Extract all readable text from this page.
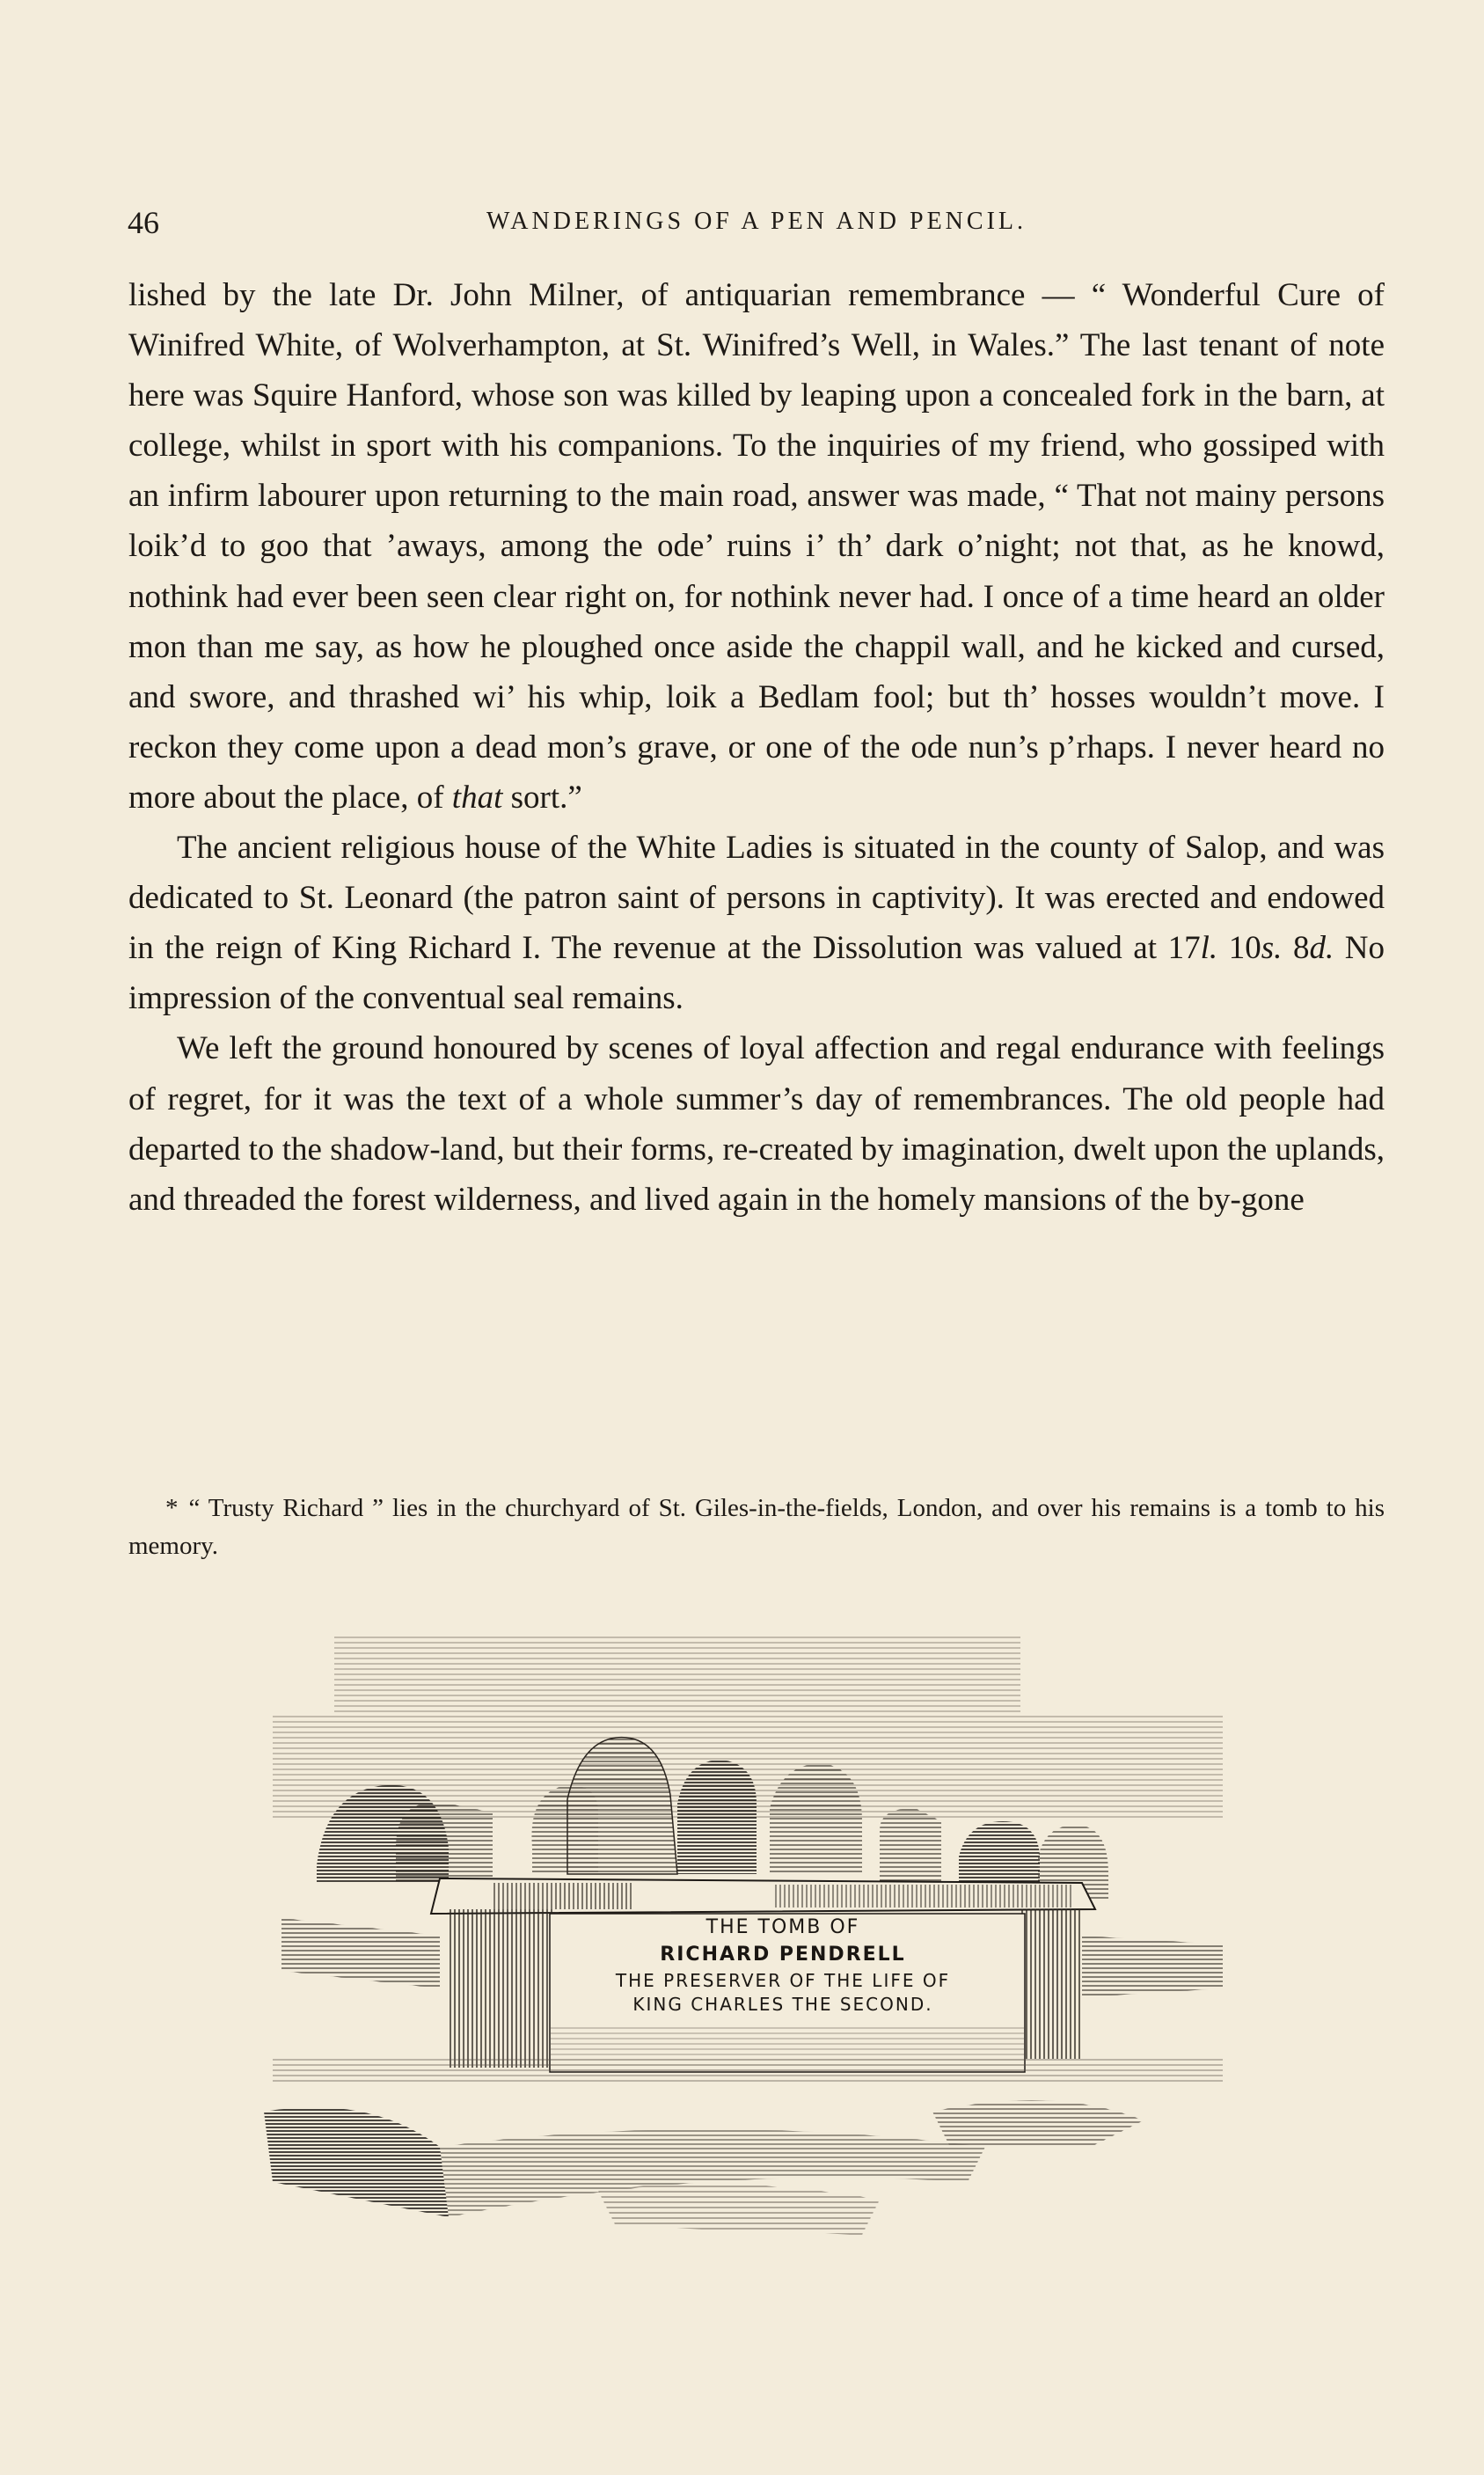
46	WANDERINGS OF A PEN AND PENCIL.

lished by the late Dr. John Milner, of antiquarian remembrance — “ Wonderful Cure of Winifred White, of Wolverhampton, at St. Winifred’s Well, in Wales.” The last tenant of note here was Squire Hanford, whose son was killed by leaping upon a concealed fork in the barn, at college, whilst in sport with his companions. To the inquiries of my friend, who gossiped with an infirm labourer upon returning to the main road, answer was made, “ That not mainy persons loik’d to goo that ’aways, among the ode’ ruins i’ th’ dark o’night; not that, as he knowd, nothink had ever been seen clear right on, for nothink never had. I once of a time heard an older mon than me say, as how he ploughed once aside the chappil wall, and he kicked and cursed, and swore, and thrashed wi’ his whip, loik a Bedlam fool; but th’ hosses wouldn’t move. I reckon they come upon a dead mon’s grave, or one of the ode nun’s p’rhaps. I never heard no more about the place, of that sort.”

The ancient religious house of the White Ladies is situated in the county of Salop, and was dedicated to St. Leonard (the patron saint of persons in captivity). It was erected and endowed in the reign of King Richard I. The revenue at the Dissolution was valued at 17l. 10s. 8d. No impression of the conventual seal remains.

We left the ground honoured by scenes of loyal affection and regal endurance with feelings of regret, for it was the text of a whole summer’s day of remembrances. The old people had departed to the shadow-land, but their forms, re-created by imagination, dwelt upon the uplands, and threaded the forest wilderness, and lived again in the homely mansions of the by-gone

* “ Trusty Richard ” lies in the churchyard of St. Giles-in-the-fields, London, and over his remains is a tomb to his memory.
THE TOMB OF
RICHARD PENDRELL
THE PRESERVER OF THE LIFE OF
KING CHARLES THE SECOND.
